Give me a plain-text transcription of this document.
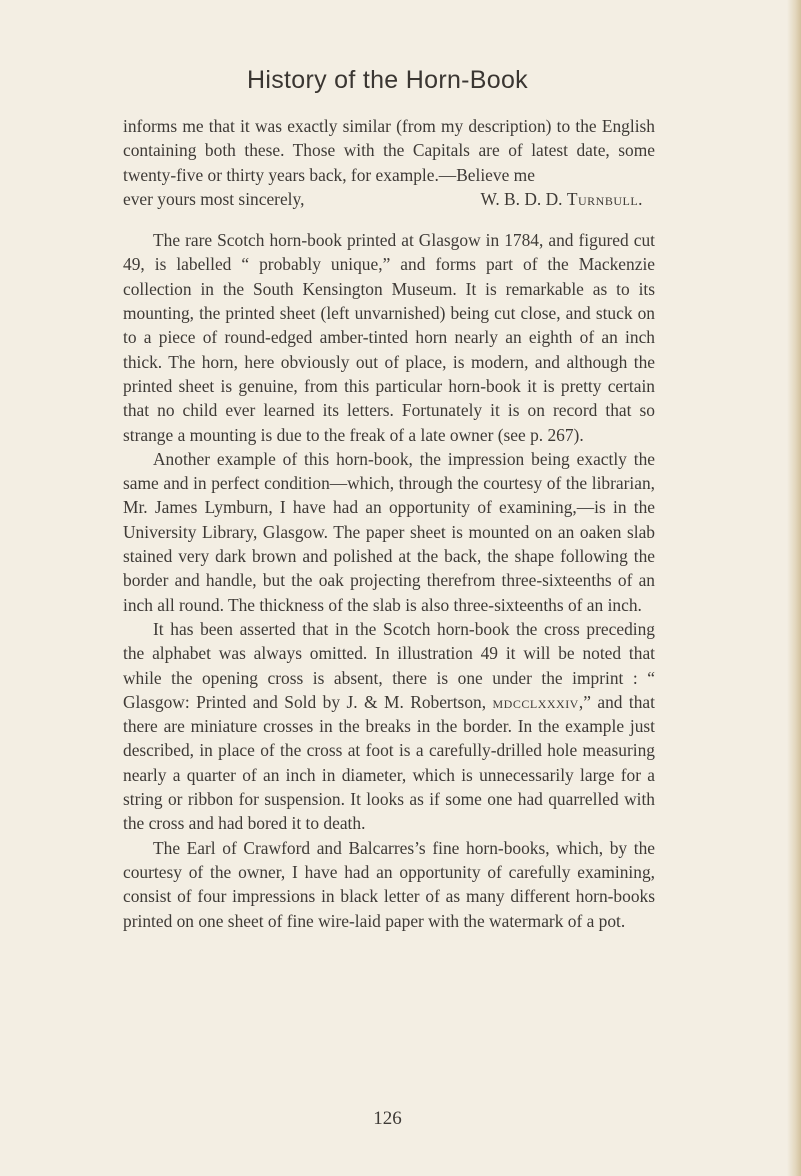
History of the Horn-Book

informs me that it was exactly similar (from my description) to the English containing both these. Those with the Capitals are of latest date, some twenty-five or thirty years back, for example.—Believe me

ever yours most sincerely,	W. B. D. D. Turnbull.

The rare Scotch horn-book printed at Glasgow in 1784, and figured cut 49, is labelled “ probably unique,” and forms part of the Mackenzie collection in the South Kensington Museum. It is remarkable as to its mounting, the printed sheet (left unvarnished) being cut close, and stuck on to a piece of round-edged amber-tinted horn nearly an eighth of an inch thick. The horn, here obviously out of place, is modern, and although the printed sheet is genuine, from this particular horn-book it is pretty certain that no child ever learned its letters. Fortunately it is on record that so strange a mounting is due to the freak of a late owner (see p. 267).

Another example of this horn-book, the impression being exactly the same and in perfect condition—which, through the courtesy of the librarian, Mr. James Lymburn, I have had an opportunity of examining,—is in the University Library, Glasgow. The paper sheet is mounted on an oaken slab stained very dark brown and polished at the back, the shape following the border and handle, but the oak projecting therefrom three-sixteenths of an inch all round. The thickness of the slab is also three-sixteenths of an inch.

It has been asserted that in the Scotch horn-book the cross preceding the alphabet was always omitted. In illustration 49 it will be noted that while the opening cross is absent, there is one under the imprint : “ Glasgow: Printed and Sold by J. & M. Robertson, mdcclxxxiv,” and that there are miniature crosses in the breaks in the border. In the example just described, in place of the cross at foot is a carefully-drilled hole measuring nearly a quarter of an inch in diameter, which is unnecessarily large for a string or ribbon for suspension. It looks as if some one had quarrelled with the cross and had bored it to death.

The Earl of Crawford and Balcarres’s fine horn-books, which, by the courtesy of the owner, I have had an opportunity of carefully examining, consist of four impressions in black letter of as many different horn-books printed on one sheet of fine wire-laid paper with the watermark of a pot.

126
